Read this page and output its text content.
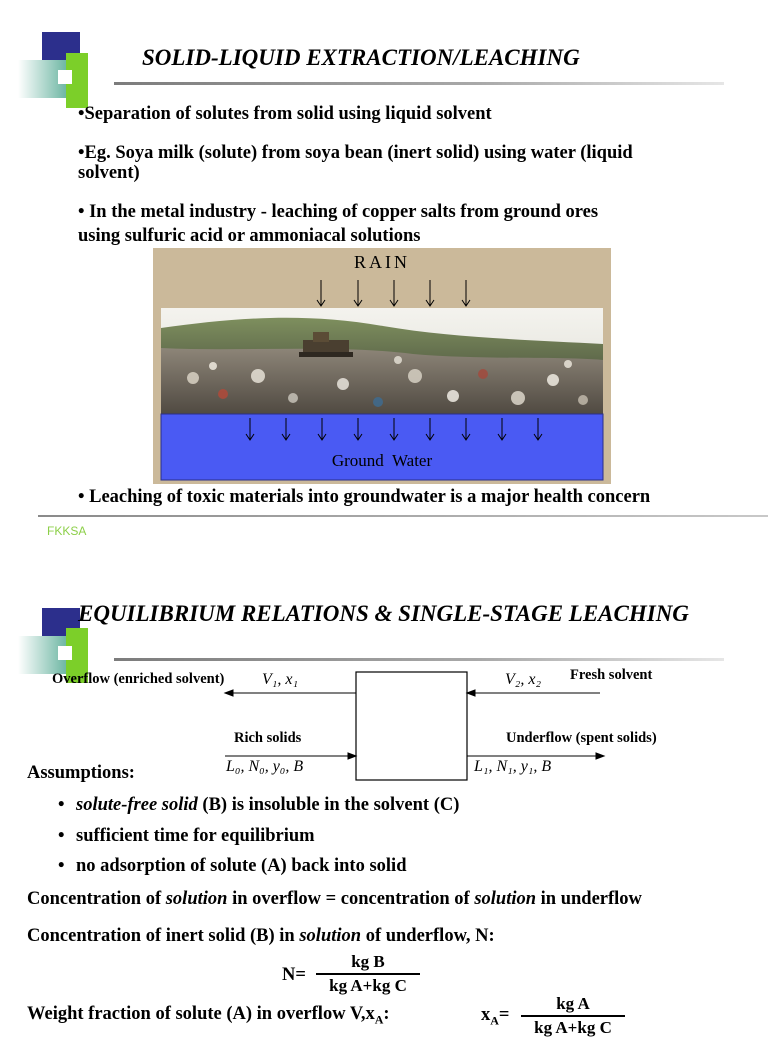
SOLID-LIQUID EXTRACTION/LEACHING
•Separation of solutes from solid using liquid solvent
•Eg. Soya milk (solute) from soya bean (inert solid) using water (liquid
solvent)
• In the metal industry - leaching of copper salts from ground ores
using sulfuric acid or ammoniacal solutions
RAIN
Ground  Water
• Leaching of toxic materials into groundwater is a major health concern
FKKSA
EQUILIBRIUM RELATIONS & SINGLE-STAGE LEACHING
Overflow (enriched solvent) V₁, x₁	V₂, x₂ Fresh solvent
Rich solids
L₀, N₀, y₀, B
Underflow (spent solids)
L₁, N₁, y₁, B
Assumptions:
• solute-free solid (B) is insoluble in the solvent (C)
• sufficient time for equilibrium
• no adsorption of solute (A) back into solid
Concentration of solution in overflow = concentration of solution in underflow
Concentration of inert solid (B) in solution of underflow, N:
N=
kg B
kg A+kg C
Weight fraction of solute (A) in overflow $V,x_A$:	$x_A=$
kg A
kg A+kg C
